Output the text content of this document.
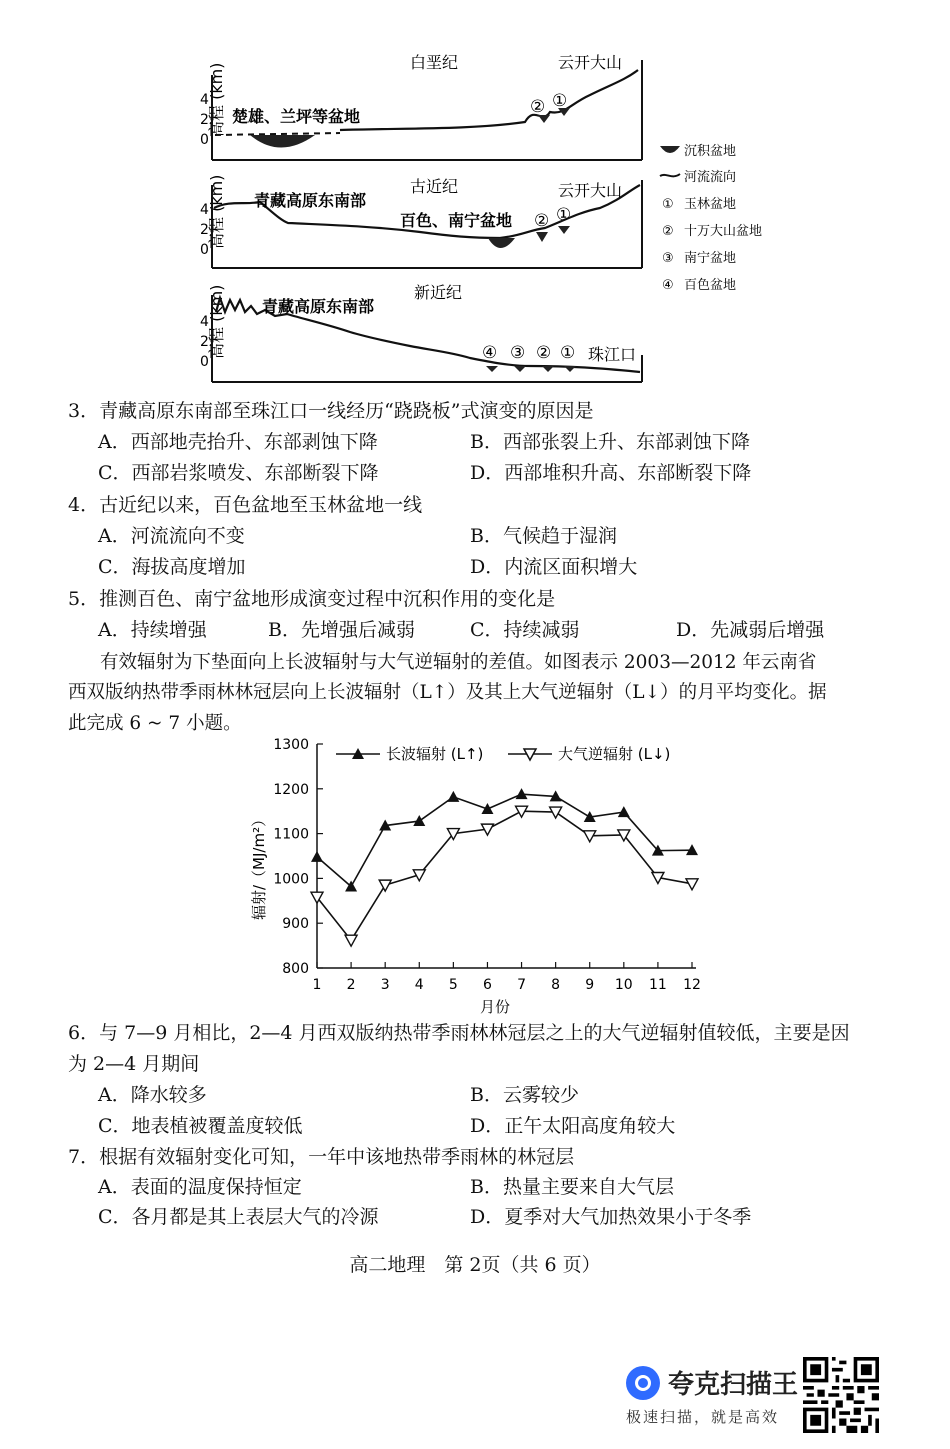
高程 (km)
4
2
0
白垩纪
楚雄、兰坪等盆地
云开大山
② ①
高程 (km)
4
2
0
古近纪
青藏高原东南部
百色、南宁盆地
云开大山
② ①
高程 (km)
4
2
0
新近纪
青藏高原东南部
珠江口
④ ③ ② ①
沉积盆地
河流流向
① 玉林盆地
② 十万大山盆地
③ 南宁盆地
④ 百色盆地
3．青藏高原东南部至珠江口一线经历“跷跷板”式演变的原因是
A．西部地壳抬升、东部剥蚀下降	B．西部张裂上升、东部剥蚀下降
C．西部岩浆喷发、东部断裂下降	D．西部堆积升高、东部断裂下降
4．古近纪以来，百色盆地至玉林盆地一线
A．河流流向不变	B．气候趋于湿润
C．海拔高度增加	D．内流区面积增大
5．推测百色、南宁盆地形成演变过程中沉积作用的变化是
A．持续增强	B．先增强后减弱	C．持续减弱	D．先减弱后增强
有效辐射为下垫面向上长波辐射与大气逆辐射的差值。如图表示 2003—2012 年云南省
西双版纳热带季雨林林冠层向上长波辐射（L↑）及其上大气逆辐射（L↓）的月平均变化。据
此完成 6 ~ 7 小题。
辐射/（MJ/m²）
月份
800
900
1000
1100
1200
1300
1 2 3 4 5 6 7 8 9 10 11 12
长波辐射 (L↑)	大气逆辐射 (L↓)
6．与 7—9 月相比，2—4 月西双版纳热带季雨林林冠层之上的大气逆辐射值较低，主要是因
为 2—4 月期间
A．降水较多	B．云雾较少
C．地表植被覆盖度较低	D．正午太阳高度角较大
7．根据有效辐射变化可知，一年中该地热带季雨林的林冠层
A．表面的温度保持恒定	B．热量主要来自大气层
C．各月都是其上表层大气的冷源	D．夏季对大气加热效果小于冬季
高二地理　第 2页（共 6 页）
夸克扫描王
极速扫描，就是高效
